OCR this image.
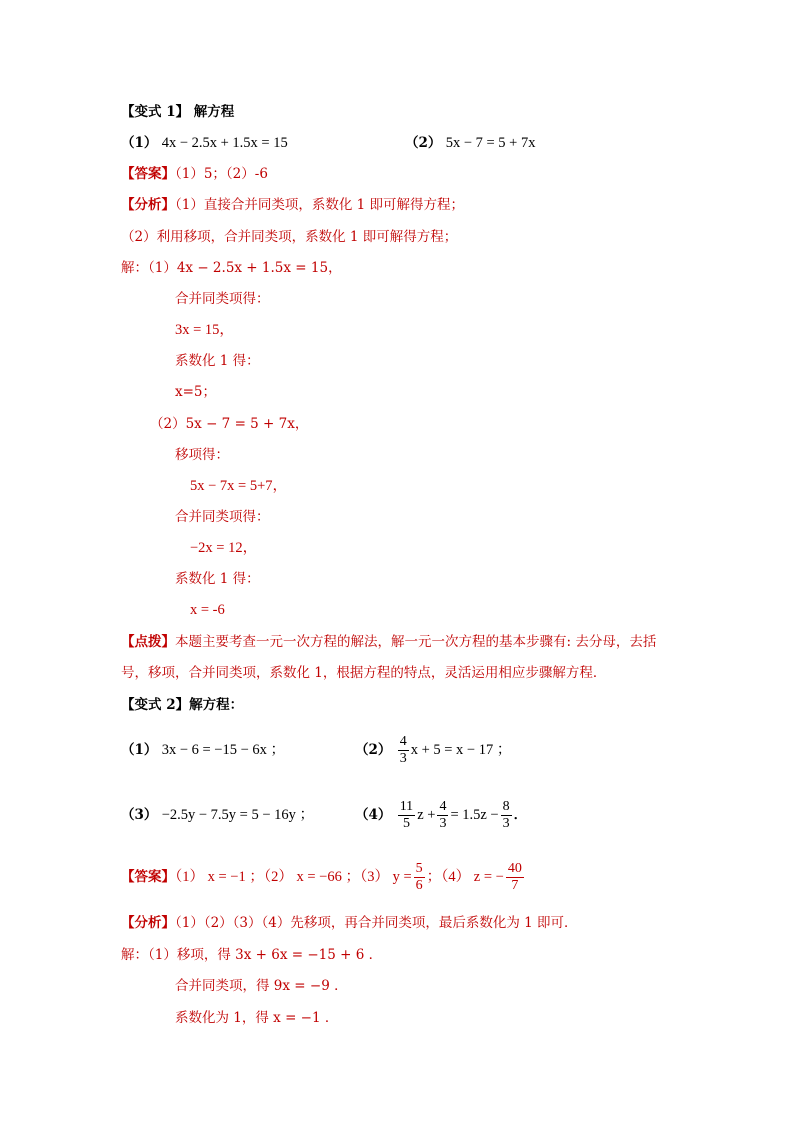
【变式 1】 解方程
（1） 4x − 2.5x + 1.5x = 15	（2） 5x − 7 = 5 + 7x
【答案】（1）5；（2）-6
【分析】（1）直接合并同类项，系数化 1 即可解得方程；
（2）利用移项，合并同类项，系数化 1 即可解得方程；
解：（1）4x − 2.5x + 1.5x = 15，
合并同类项得：
3x = 15，
系数化 1 得：
x=5；
（2）5x − 7 = 5 + 7x，
移项得：
5x − 7x = 5+7，
合并同类项得：
−2x = 12，
系数化 1 得：
x = -6
【点拨】本题主要考查一元一次方程的解法，解一元一次方程的基本步骤有: 去分母，去括
号，移项，合并同类项，系数化 1，根据方程的特点，灵活运用相应步骤解方程．
【变式 2】解方程：
（1） 3x − 6 = −15 − 6x ；	$(2) \frac{4}{3}$ x + 5 = x − 17 ；
（3） −2.5y − 7.5y = 5 − 16y ；	$(4) \frac{11}{5}$ $z + \frac{4}{3} = 1.5z - \frac{8}{3}$ ．
【答案】（1） x = −1 ；（2） x = −66 ；（3） $y = \frac{5}{6}$ ；（4） z = − $\frac{40}{7}$
【分析】（1）（2）（3）（4）先移项，再合并同类项，最后系数化为 1 即可．
解：（1）移项，得 3x + 6x = −15 + 6 ．
合并同类项，得 9x = −9 ．
系数化为 1，得 x = −1 ．
